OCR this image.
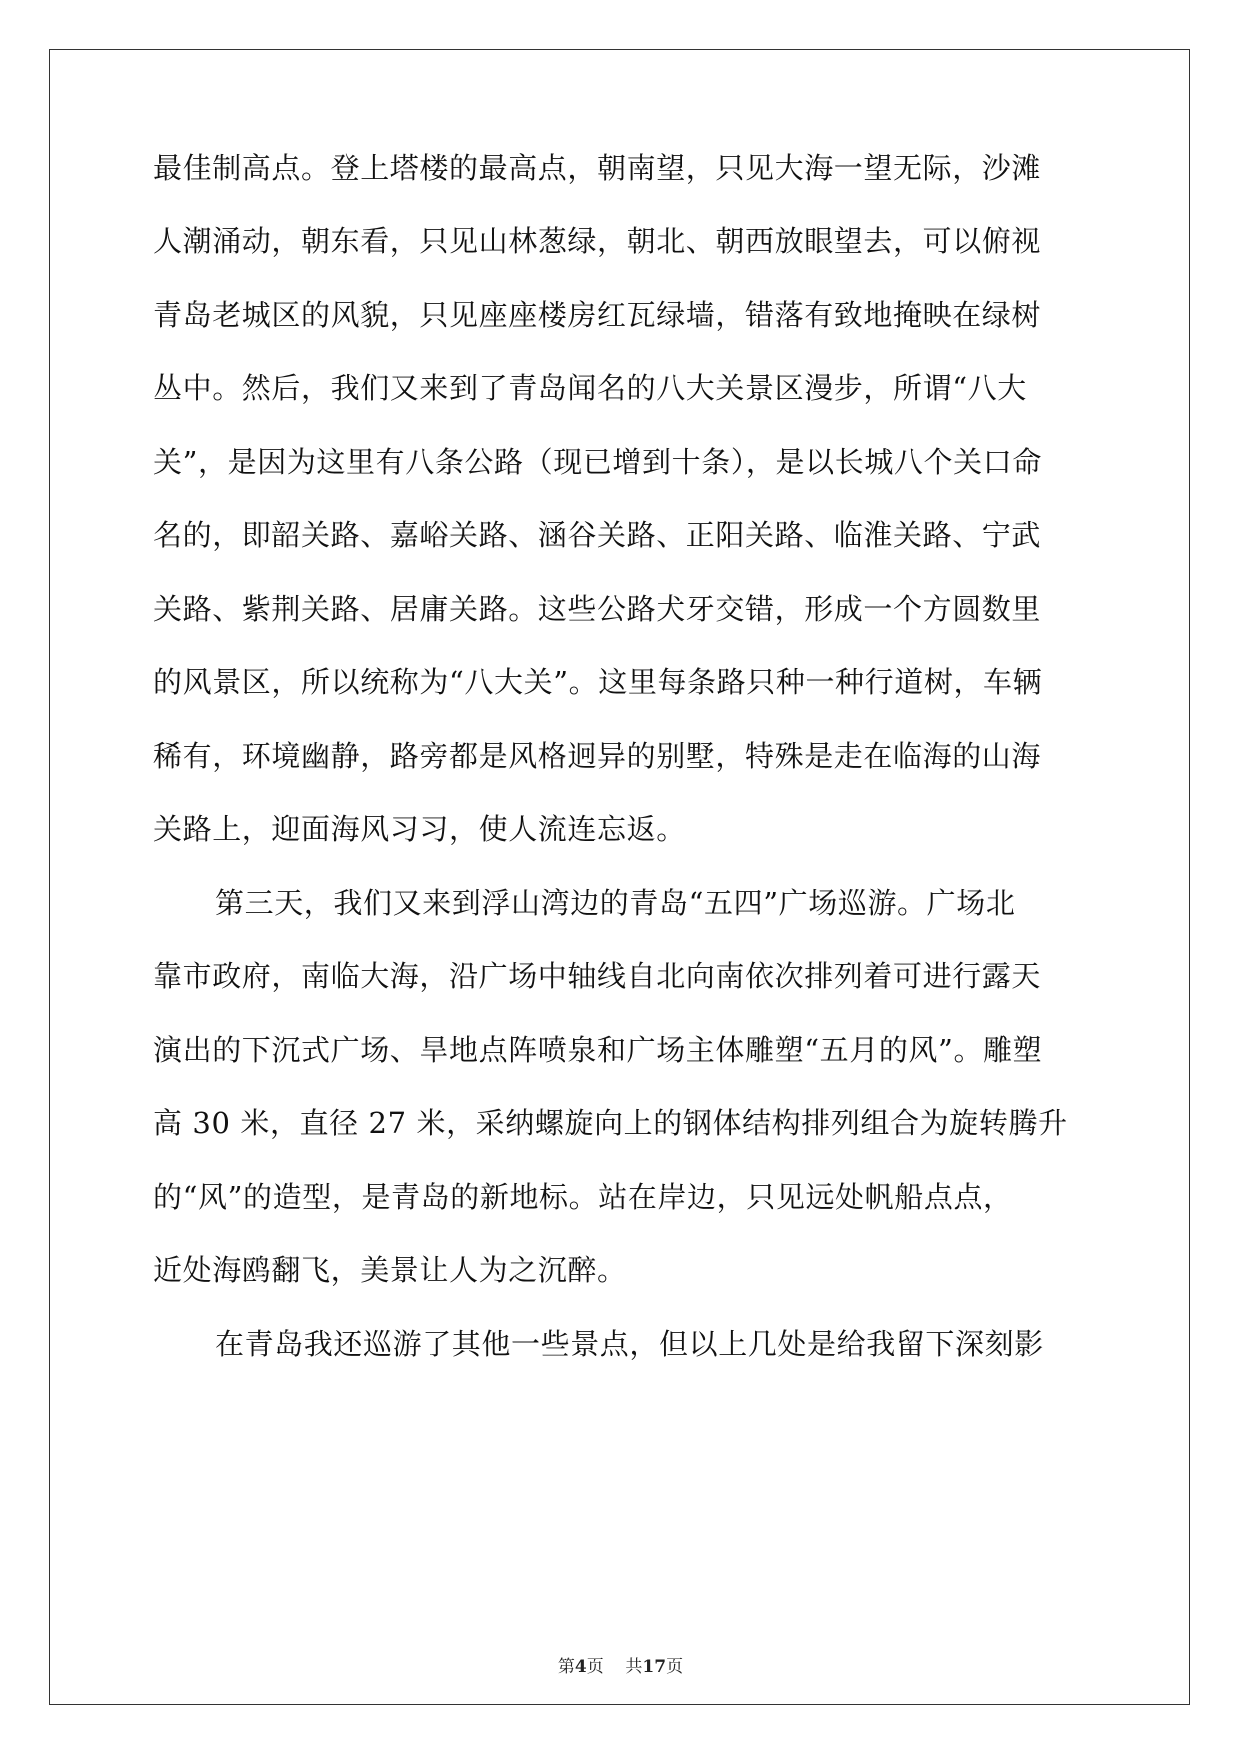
最佳制高点。登上塔楼的最高点，朝南望，只见大海一望无际，沙滩
人潮涌动，朝东看，只见山林葱绿，朝北、朝西放眼望去，可以俯视
青岛老城区的风貌，只见座座楼房红瓦绿墙，错落有致地掩映在绿树
丛中。然后，我们又来到了青岛闻名的八大关景区漫步，所谓“八大
关”，是因为这里有八条公路（现已增到十条），是以长城八个关口命
名的，即韶关路、嘉峪关路、涵谷关路、正阳关路、临淮关路、宁武
关路、紫荆关路、居庸关路。这些公路犬牙交错，形成一个方圆数里
的风景区，所以统称为“八大关”。这里每条路只种一种行道树，车辆
稀有，环境幽静，路旁都是风格迥异的别墅，特殊是走在临海的山海
关路上，迎面海风习习，使人流连忘返。
第三天，我们又来到浮山湾边的青岛“五四”广场巡游。广场北
靠市政府，南临大海，沿广场中轴线自北向南依次排列着可进行露天
演出的下沉式广场、旱地点阵喷泉和广场主体雕塑“五月的风”。雕塑
高 30 米，直径 27 米，采纳螺旋向上的钢体结构排列组合为旋转腾升
的“风”的造型，是青岛的新地标。站在岸边，只见远处帆船点点，
近处海鸥翻飞，美景让人为之沉醉。
在青岛我还巡游了其他一些景点，但以上几处是给我留下深刻影
第4页 共17页
